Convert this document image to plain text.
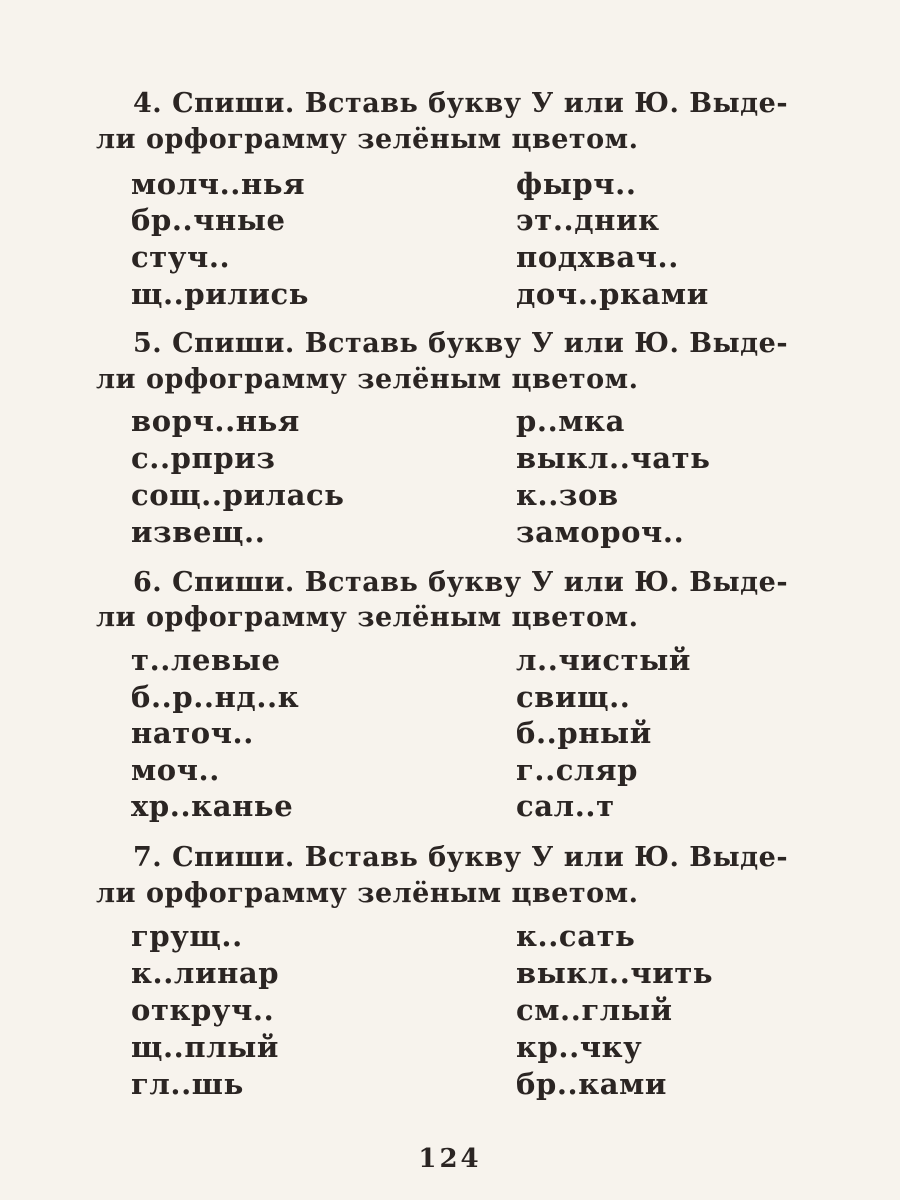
4. Спиши. Вставь букву У или Ю. Выде-
ли орфограмму зелёным цветом.
молч..нья
бр..чные
стуч..
щ..рились
фырч..
эт..дник
подхвач..
доч..рками
5. Спиши. Вставь букву У или Ю. Выде-
ли орфограмму зелёным цветом.
ворч..нья
с..рприз
сощ..рилась
извещ..
р..мка
выкл..чать
к..зов
замороч..
6. Спиши. Вставь букву У или Ю. Выде-
ли орфограмму зелёным цветом.
т..левые
б..р..нд..к
наточ..
моч..
хр..канье
л..чистый
свищ..
б..рный
г..сляр
сал..т
7. Спиши. Вставь букву У или Ю. Выде-
ли орфограмму зелёным цветом.
грущ..
к..линар
откруч..
щ..плый
гл..шь
к..сать
выкл..чить
см..глый
кр..чку
бр..ками
124
